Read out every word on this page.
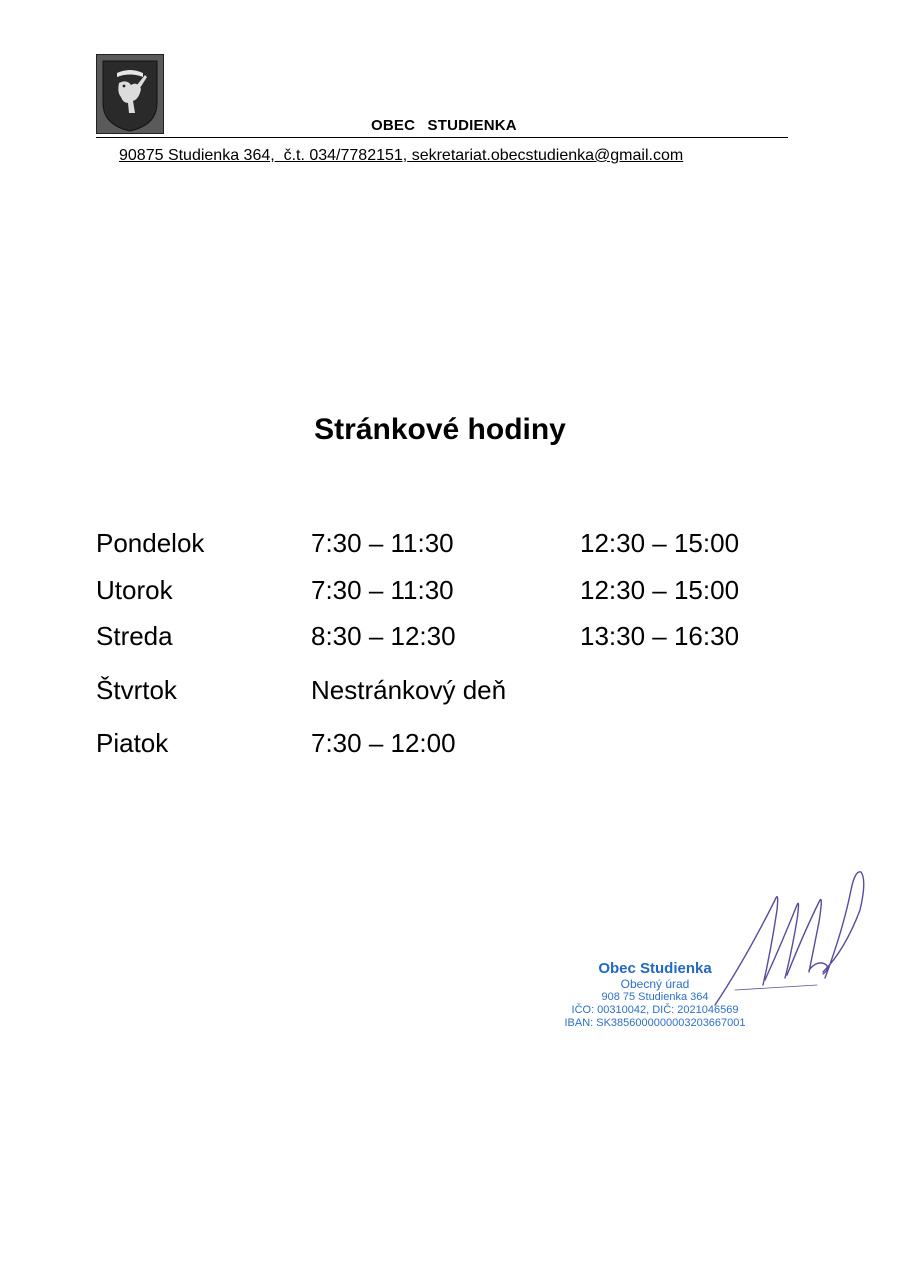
OBEC STUDIENKA
90875 Studienka 364, č.t. 034/7782151, sekretariat.obecstudienka@gmail.com
Stránkové hodiny
Pondelok	7:30 – 11:30	12:30 – 15:00
Utorok	7:30 – 11:30	12:30 – 15:00
Streda	8:30 – 12:30	13:30 – 16:30
Štvrtok	Nestránkový deň
Piatok	7:30 – 12:00
Obec Studienka
Obecný úrad
908 75 Studienka 364
IČO: 00310042, DIČ: 2021046569
IBAN: SK3856000000003203667001
